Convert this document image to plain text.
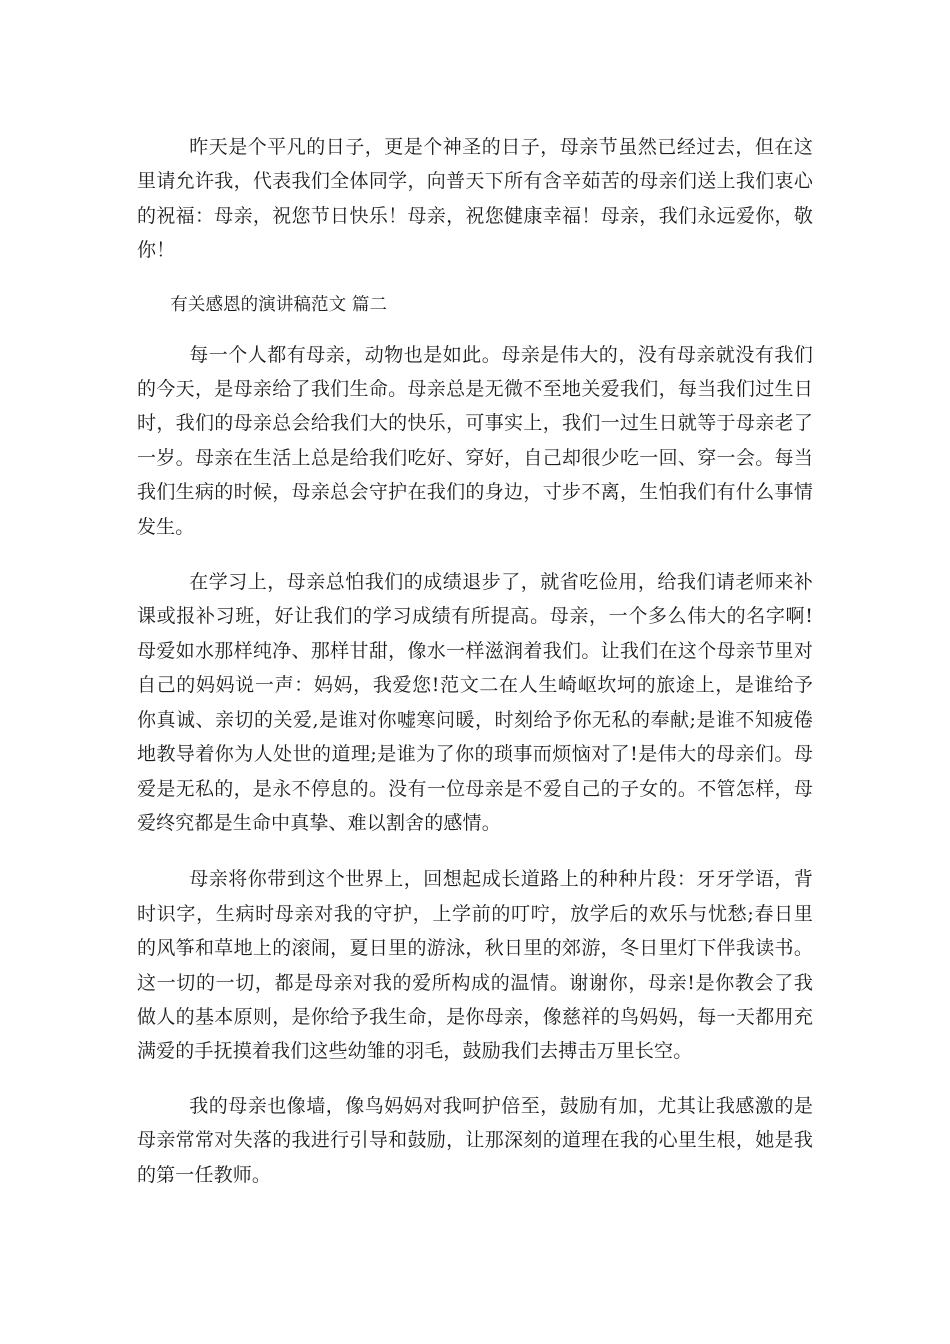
昨天是个平凡的日子，更是个神圣的日子，母亲节虽然已经过去，但在这里请允许我，代表我们全体同学，向普天下所有含辛茹苦的母亲们送上我们衷心的祝福：母亲，祝您节日快乐！母亲，祝您健康幸福！母亲，我们永远爱你，敬你！

有关感恩的演讲稿范文 篇二

每一个人都有母亲，动物也是如此。母亲是伟大的，没有母亲就没有我们的今天，是母亲给了我们生命。母亲总是无微不至地关爱我们，每当我们过生日时，我们的母亲总会给我们大的快乐，可事实上，我们一过生日就等于母亲老了一岁。母亲在生活上总是给我们吃好、穿好，自己却很少吃一回、穿一会。每当我们生病的时候，母亲总会守护在我们的身边，寸步不离，生怕我们有什么事情发生。

在学习上，母亲总怕我们的成绩退步了，就省吃俭用，给我们请老师来补课或报补习班，好让我们的学习成绩有所提高。母亲，一个多么伟大的名字啊!母爱如水那样纯净、那样甘甜，像水一样滋润着我们。让我们在这个母亲节里对自己的妈妈说一声：妈妈，我爱您!范文二在人生崎岖坎坷的旅途上，是谁给予你真诚、亲切的关爱,是谁对你嘘寒问暖，时刻给予你无私的奉献;是谁不知疲倦地教导着你为人处世的道理;是谁为了你的琐事而烦恼对了!是伟大的母亲们。母爱是无私的，是永不停息的。没有一位母亲是不爱自己的子女的。不管怎样，母爱终究都是生命中真挚、难以割舍的感情。

母亲将你带到这个世界上，回想起成长道路上的种种片段：牙牙学语，背时识字，生病时母亲对我的守护，上学前的叮咛，放学后的欢乐与忧愁;春日里的风筝和草地上的滚闹，夏日里的游泳，秋日里的郊游，冬日里灯下伴我读书。这一切的一切，都是母亲对我的爱所构成的温情。谢谢你，母亲!是你教会了我做人的基本原则，是你给予我生命，是你母亲，像慈祥的鸟妈妈，每一天都用充满爱的手抚摸着我们这些幼雏的羽毛，鼓励我们去搏击万里长空。

我的母亲也像墙，像鸟妈妈对我呵护倍至，鼓励有加，尤其让我感激的是母亲常常对失落的我进行引导和鼓励，让那深刻的道理在我的心里生根，她是我的第一任教师。
